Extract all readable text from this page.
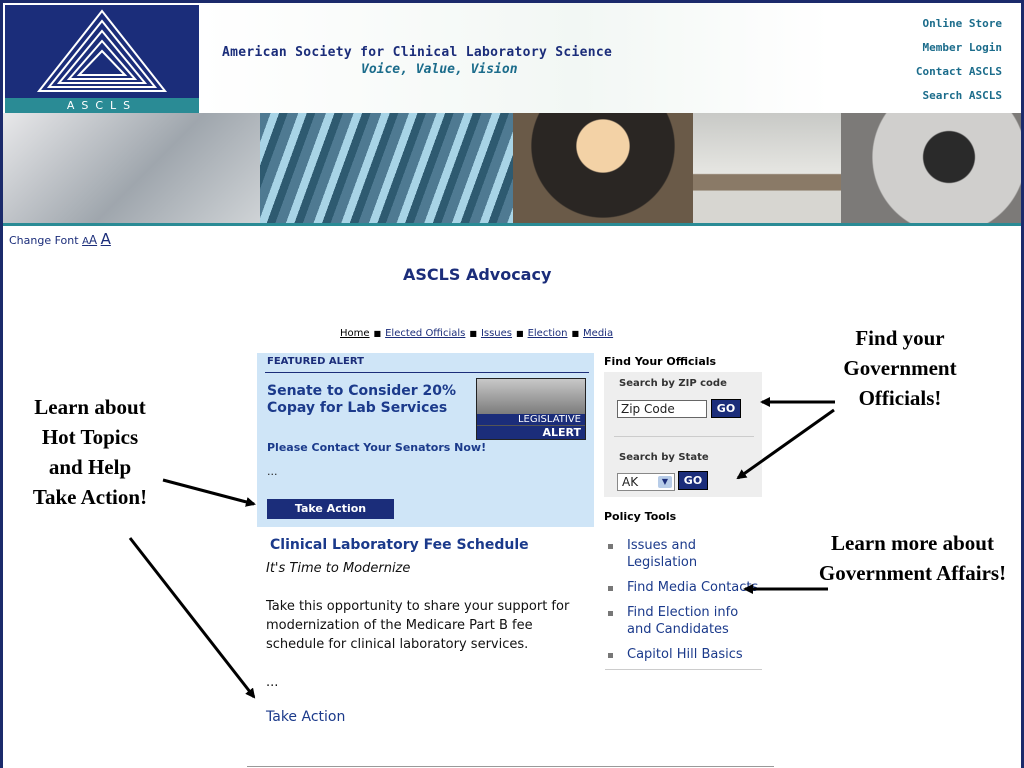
ASCLS
American Society for Clinical Laboratory Science
Voice, Value, Vision
Online Store
Member Login
Contact ASCLS
Search ASCLS
Change Font AA A
ASCLS Advocacy
Home ■ Elected Officials ■ Issues ■ Election ■ Media
FEATURED ALERT
Senate to Consider 20% Copay for Lab Services
LEGISLATIVE
ALERT
Please Contact Your Senators Now!
...
Take Action
Clinical Laboratory Fee Schedule
It's Time to Modernize
Take this opportunity to share your support for modernization of the Medicare Part B fee schedule for clinical laboratory services.
...
Take Action
Find Your Officials
Search by ZIP code
Zip Code
GO
Search by State
AK	▼	GO
Policy Tools
Issues and Legislation
Find Media Contacts
Find Election info and Candidates
Capitol Hill Basics
Learn about Hot Topics and Help Take Action!
Find your Government Officials!
Learn more about Government Affairs!
